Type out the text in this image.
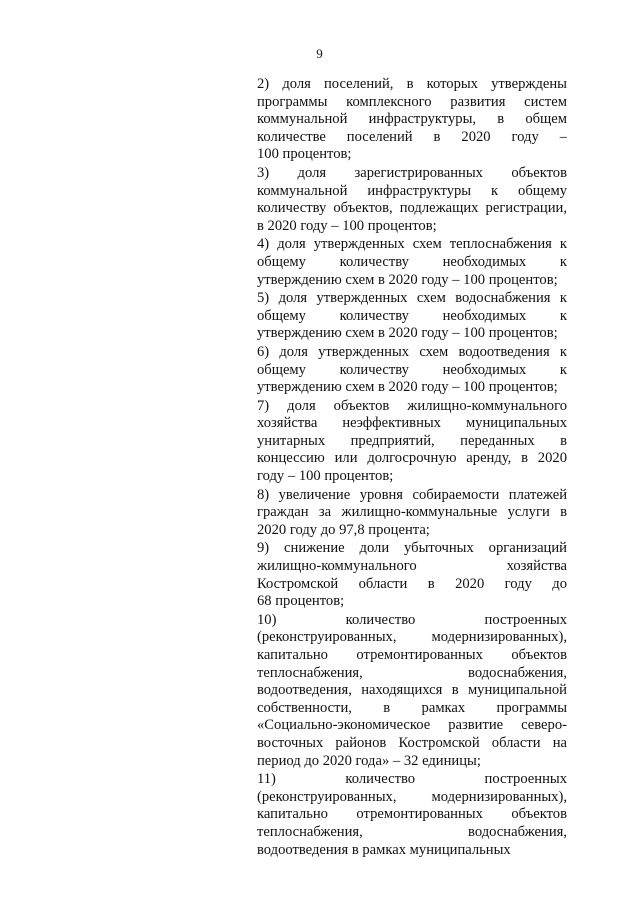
9
2) доля поселений, в которых утверждены
программы комплексного развития систем
коммунальной инфраструктуры, в общем
количестве поселений в 2020 году –
100 процентов;
3) доля зарегистрированных объектов
коммунальной инфраструктуры к общему
количеству объектов, подлежащих регистрации,
в 2020 году – 100 процентов;
4) доля утвержденных схем теплоснабжения к
общему количеству необходимых к
утверждению схем в 2020 году – 100 процентов;
5) доля утвержденных схем водоснабжения к
общему количеству необходимых к
утверждению схем в 2020 году – 100 процентов;
6) доля утвержденных схем водоотведения к
общему количеству необходимых к
утверждению схем в 2020 году – 100 процентов;
7) доля объектов жилищно-коммунального
хозяйства неэффективных муниципальных
унитарных предприятий, переданных в
концессию или долгосрочную аренду, в 2020
году – 100 процентов;
8) увеличение уровня собираемости платежей
граждан за жилищно-коммунальные услуги в
2020 году до 97,8 процента;
9) снижение доли убыточных организаций
жилищно-коммунального хозяйства
Костромской области в 2020 году до
68 процентов;
10) количество построенных
(реконструированных, модернизированных),
капитально отремонтированных объектов
теплоснабжения, водоснабжения,
водоотведения, находящихся в муниципальной
собственности, в рамках программы
«Социально-экономическое развитие северо-
восточных районов Костромской области на
период до 2020 года» – 32 единицы;
11) количество построенных
(реконструированных, модернизированных),
капитально отремонтированных объектов
теплоснабжения, водоснабжения,
водоотведения в рамках муниципальных
